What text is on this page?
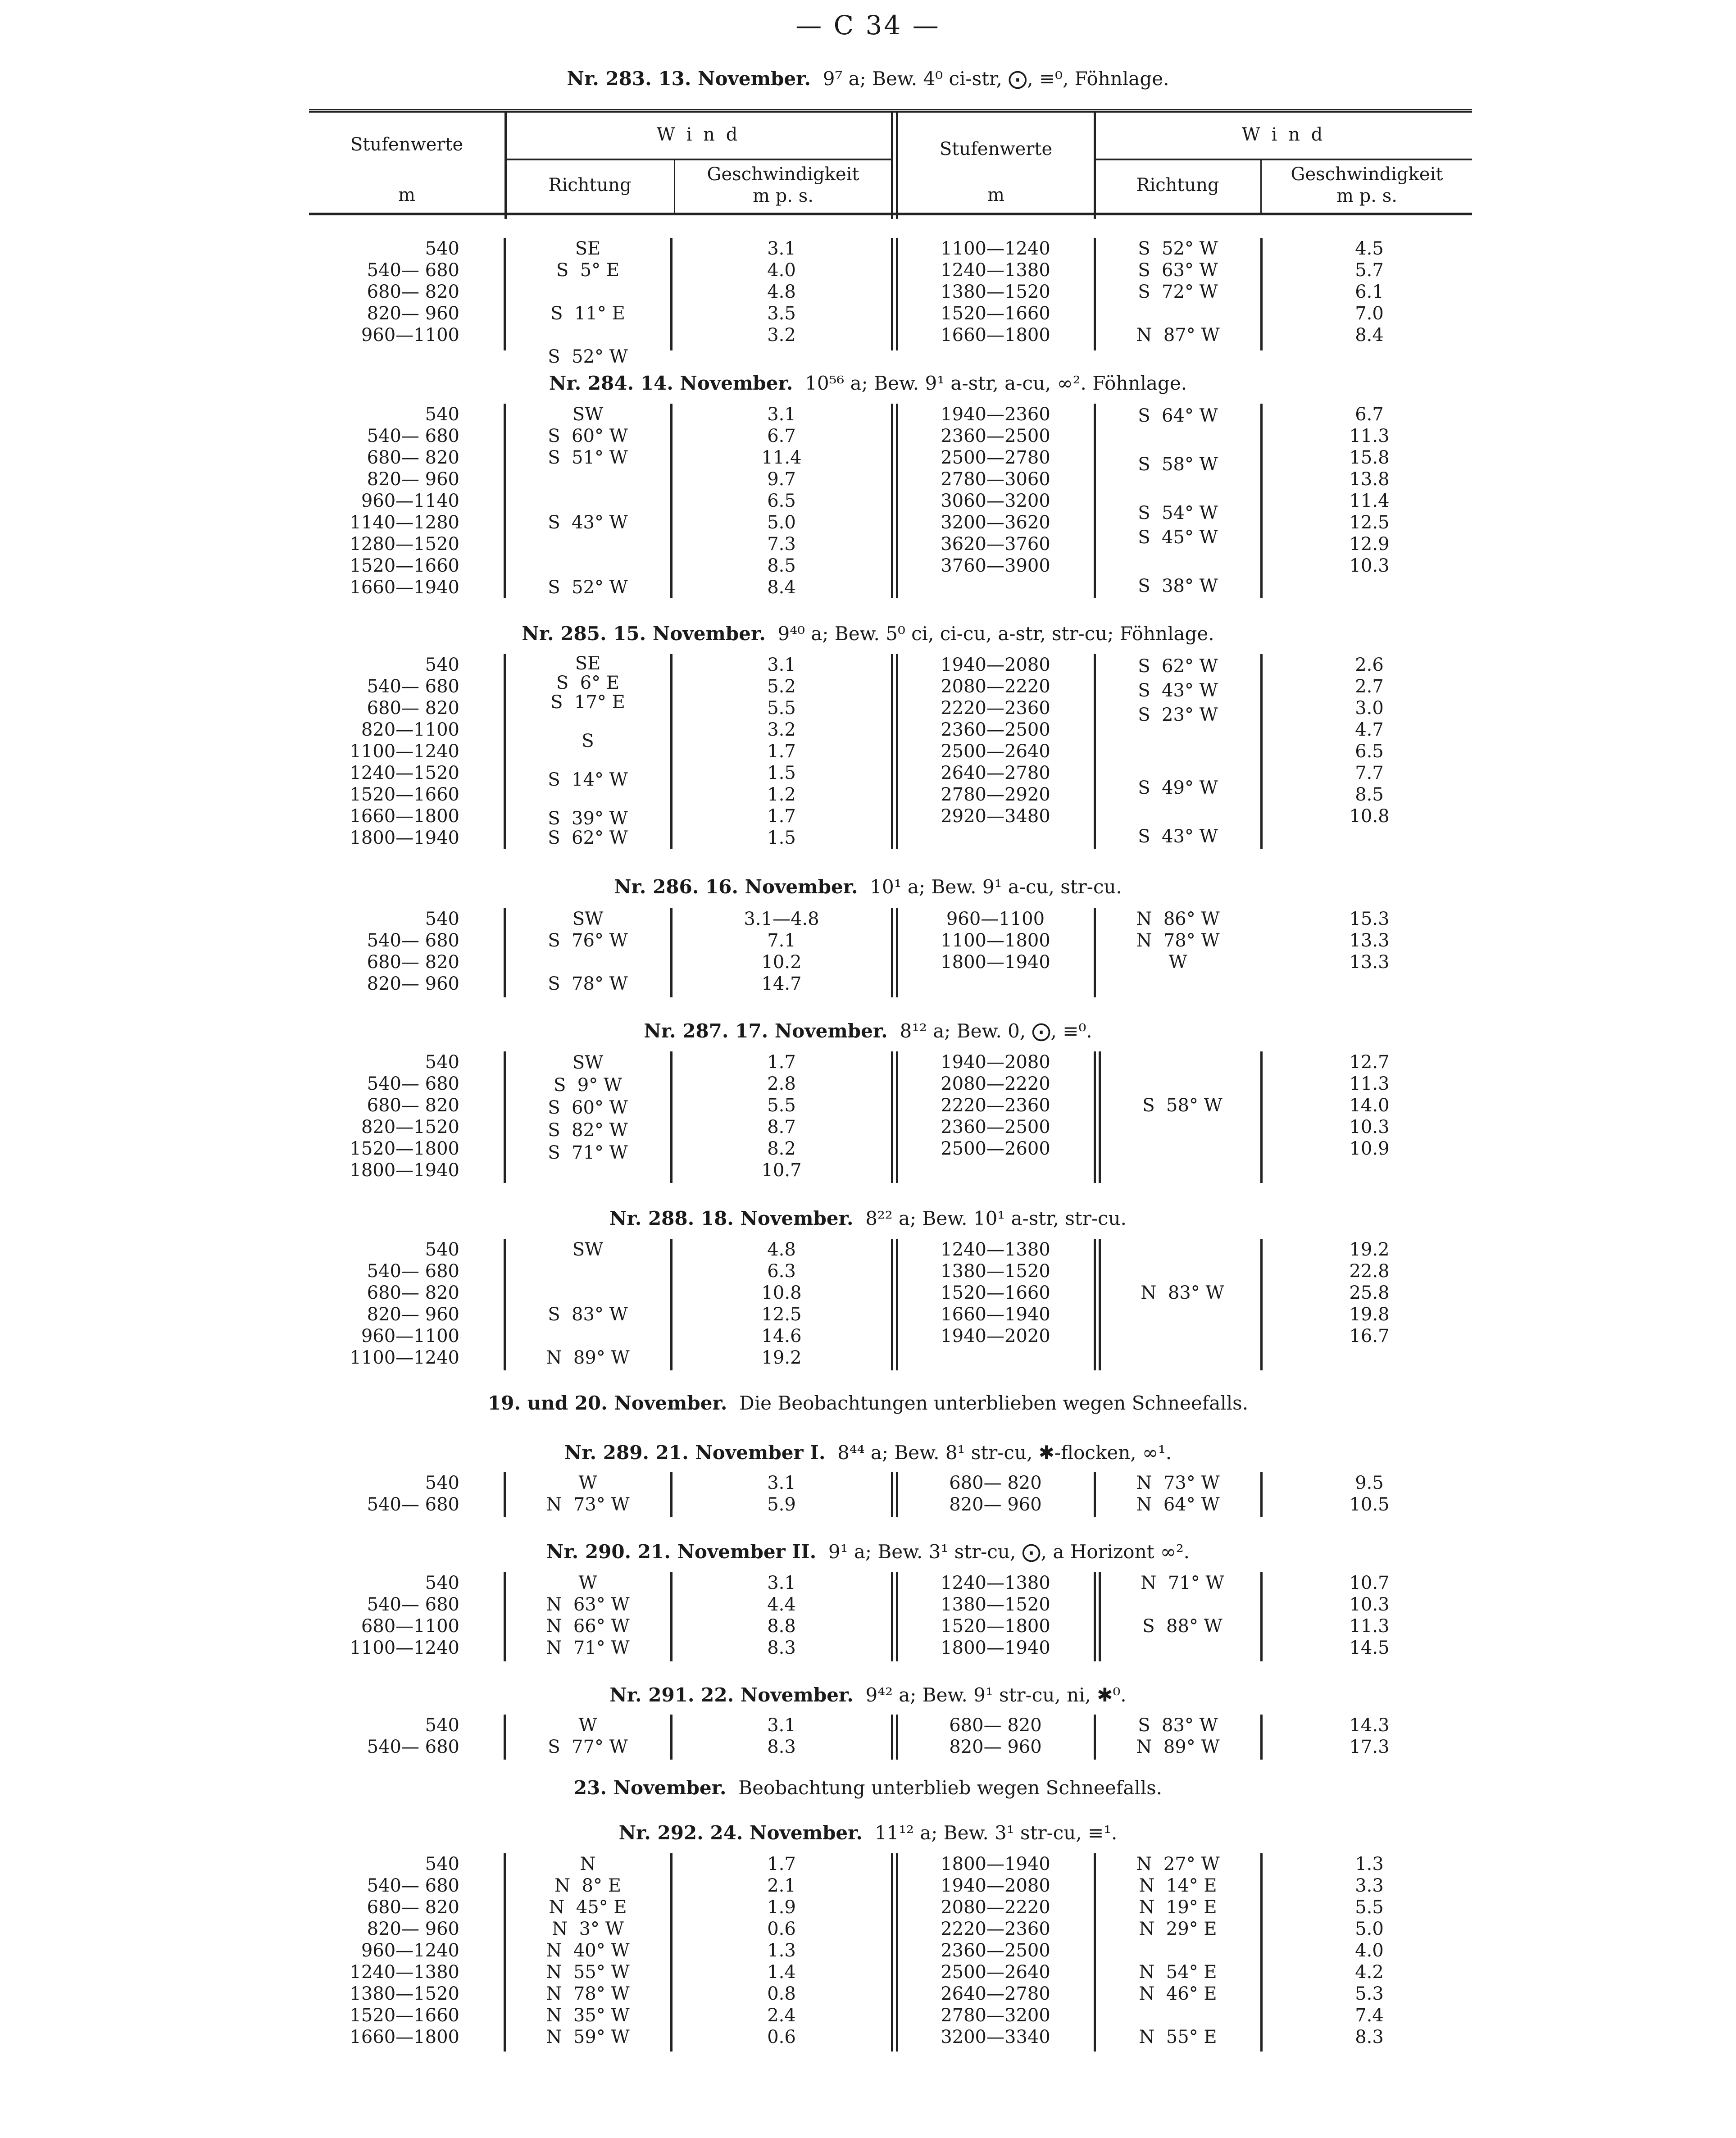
— C 34 —
Nr. 283. 13. November. 9⁷ a; Bew. 4⁰ ci-str, ⨀, ≡⁰, Föhnlage.
Stufenwerte
m
W i n d
Richtung
Geschwindigkeit
m p. s.
Stufenwerte
m
W i n d
Richtung
Geschwindigkeit
m p. s.
540
540— 680
680— 820
820— 960
960—1100
SE
S  5° E

S  11° E

S  52° W
3.1
4.0
4.8
3.5
3.2
1100—1240
1240—1380
1380—1520
1520—1660
1660—1800
S  52° W
S  63° W
S  72° W

N  87° W
4.5
5.7
6.1
7.0
8.4
Nr. 284. 14. November. 10⁵⁶ a; Bew. 9¹ a-str, a-cu, ∞². Föhnlage.
540
540— 680
680— 820
820— 960
960—1140
1140—1280
1280—1520
1520—1660
1660—1940
SW
S  60° W
S  51° W

S  43° W

S  52° W
3.1
6.7
11.4
9.7
6.5
5.0
7.3
8.5
8.4
1940—2360
2360—2500
2500—2780
2780—3060
3060—3200
3200—3620
3620—3760
3760—3900
S  64° W

S  58° W

S  54° W
S  45° W

S  38° W
6.7
11.3
15.8
13.8
11.4
12.5
12.9
10.3
Nr. 285. 15. November. 9⁴⁰ a; Bew. 5⁰ ci, ci-cu, a-str, str-cu; Föhnlage.
540
540— 680
680— 820
820—1100
1100—1240
1240—1520
1520—1660
1660—1800
1800—1940
SE
S  6° E
S  17° E

S

S  14° W

S  39° W
S  62° W
3.1
5.2
5.5
3.2
1.7
1.5
1.2
1.7
1.5
1940—2080
2080—2220
2220—2360
2360—2500
2500—2640
2640—2780
2780—2920
2920—3480
S  62° W
S  43° W
S  23° W

S  49° W

S  43° W
2.6
2.7
3.0
4.7
6.5
7.7
8.5
10.8
Nr. 286. 16. November. 10¹ a; Bew. 9¹ a-cu, str-cu.
540
540— 680
680— 820
820— 960
SW
S  76° W

S  78° W
3.1—4.8
7.1
10.2
14.7
960—1100
1100—1800
1800—1940
N  86° W
N  78° W
W
15.3
13.3
13.3
Nr. 287. 17. November. 8¹² a; Bew. 0, ⨀, ≡⁰.
540
540— 680
680— 820
820—1520
1520—1800
1800—1940
SW
S  9° W
S  60° W
S  82° W
S  71° W
1.7
2.8
5.5
8.7
8.2
10.7
1940—2080
2080—2220
2220—2360
2360—2500
2500—2600

S  58° W
12.7
11.3
14.0
10.3
10.9
Nr. 288. 18. November. 8²² a; Bew. 10¹ a-str, str-cu.
540
540— 680
680— 820
820— 960
960—1100
1100—1240
SW

S  83° W

N  89° W
4.8
6.3
10.8
12.5
14.6
19.2
1240—1380
1380—1520
1520—1660
1660—1940
1940—2020

N  83° W
19.2
22.8
25.8
19.8
16.7
19. und 20. November. Die Beobachtungen unterblieben wegen Schneefalls.
Nr. 289. 21. November I. 8⁴⁴ a; Bew. 8¹ str-cu, ✱-flocken, ∞¹.
540
540— 680
W
N  73° W
3.1
5.9
680— 820
820— 960
N  73° W
N  64° W
9.5
10.5
Nr. 290. 21. November II. 9¹ a; Bew. 3¹ str-cu, ⨀, a Horizont ∞².
540
540— 680
680—1100
1100—1240
W
N  63° W
N  66° W
N  71° W
3.1
4.4
8.8
8.3
1240—1380
1380—1520
1520—1800
1800—1940
N  71° W

S  88° W
10.7
10.3
11.3
14.5
Nr. 291. 22. November. 9⁴² a; Bew. 9¹ str-cu, ni, ✱⁰.
540
540— 680
W
S  77° W
3.1
8.3
680— 820
820— 960
S  83° W
N  89° W
14.3
17.3
23. November. Beobachtung unterblieb wegen Schneefalls.
Nr. 292. 24. November. 11¹² a; Bew. 3¹ str-cu, ≡¹.
540
540— 680
680— 820
820— 960
960—1240
1240—1380
1380—1520
1520—1660
1660—1800
N
N  8° E
N  45° E
N  3° W
N  40° W
N  55° W
N  78° W
N  35° W
N  59° W
1.7
2.1
1.9
0.6
1.3
1.4
0.8
2.4
0.6
1800—1940
1940—2080
2080—2220
2220—2360
2360—2500
2500—2640
2640—2780
2780—3200
3200—3340
N  27° W
N  14° E
N  19° E
N  29° E

N  54° E
N  46° E

N  55° E
1.3
3.3
5.5
5.0
4.0
4.2
5.3
7.4
8.3
